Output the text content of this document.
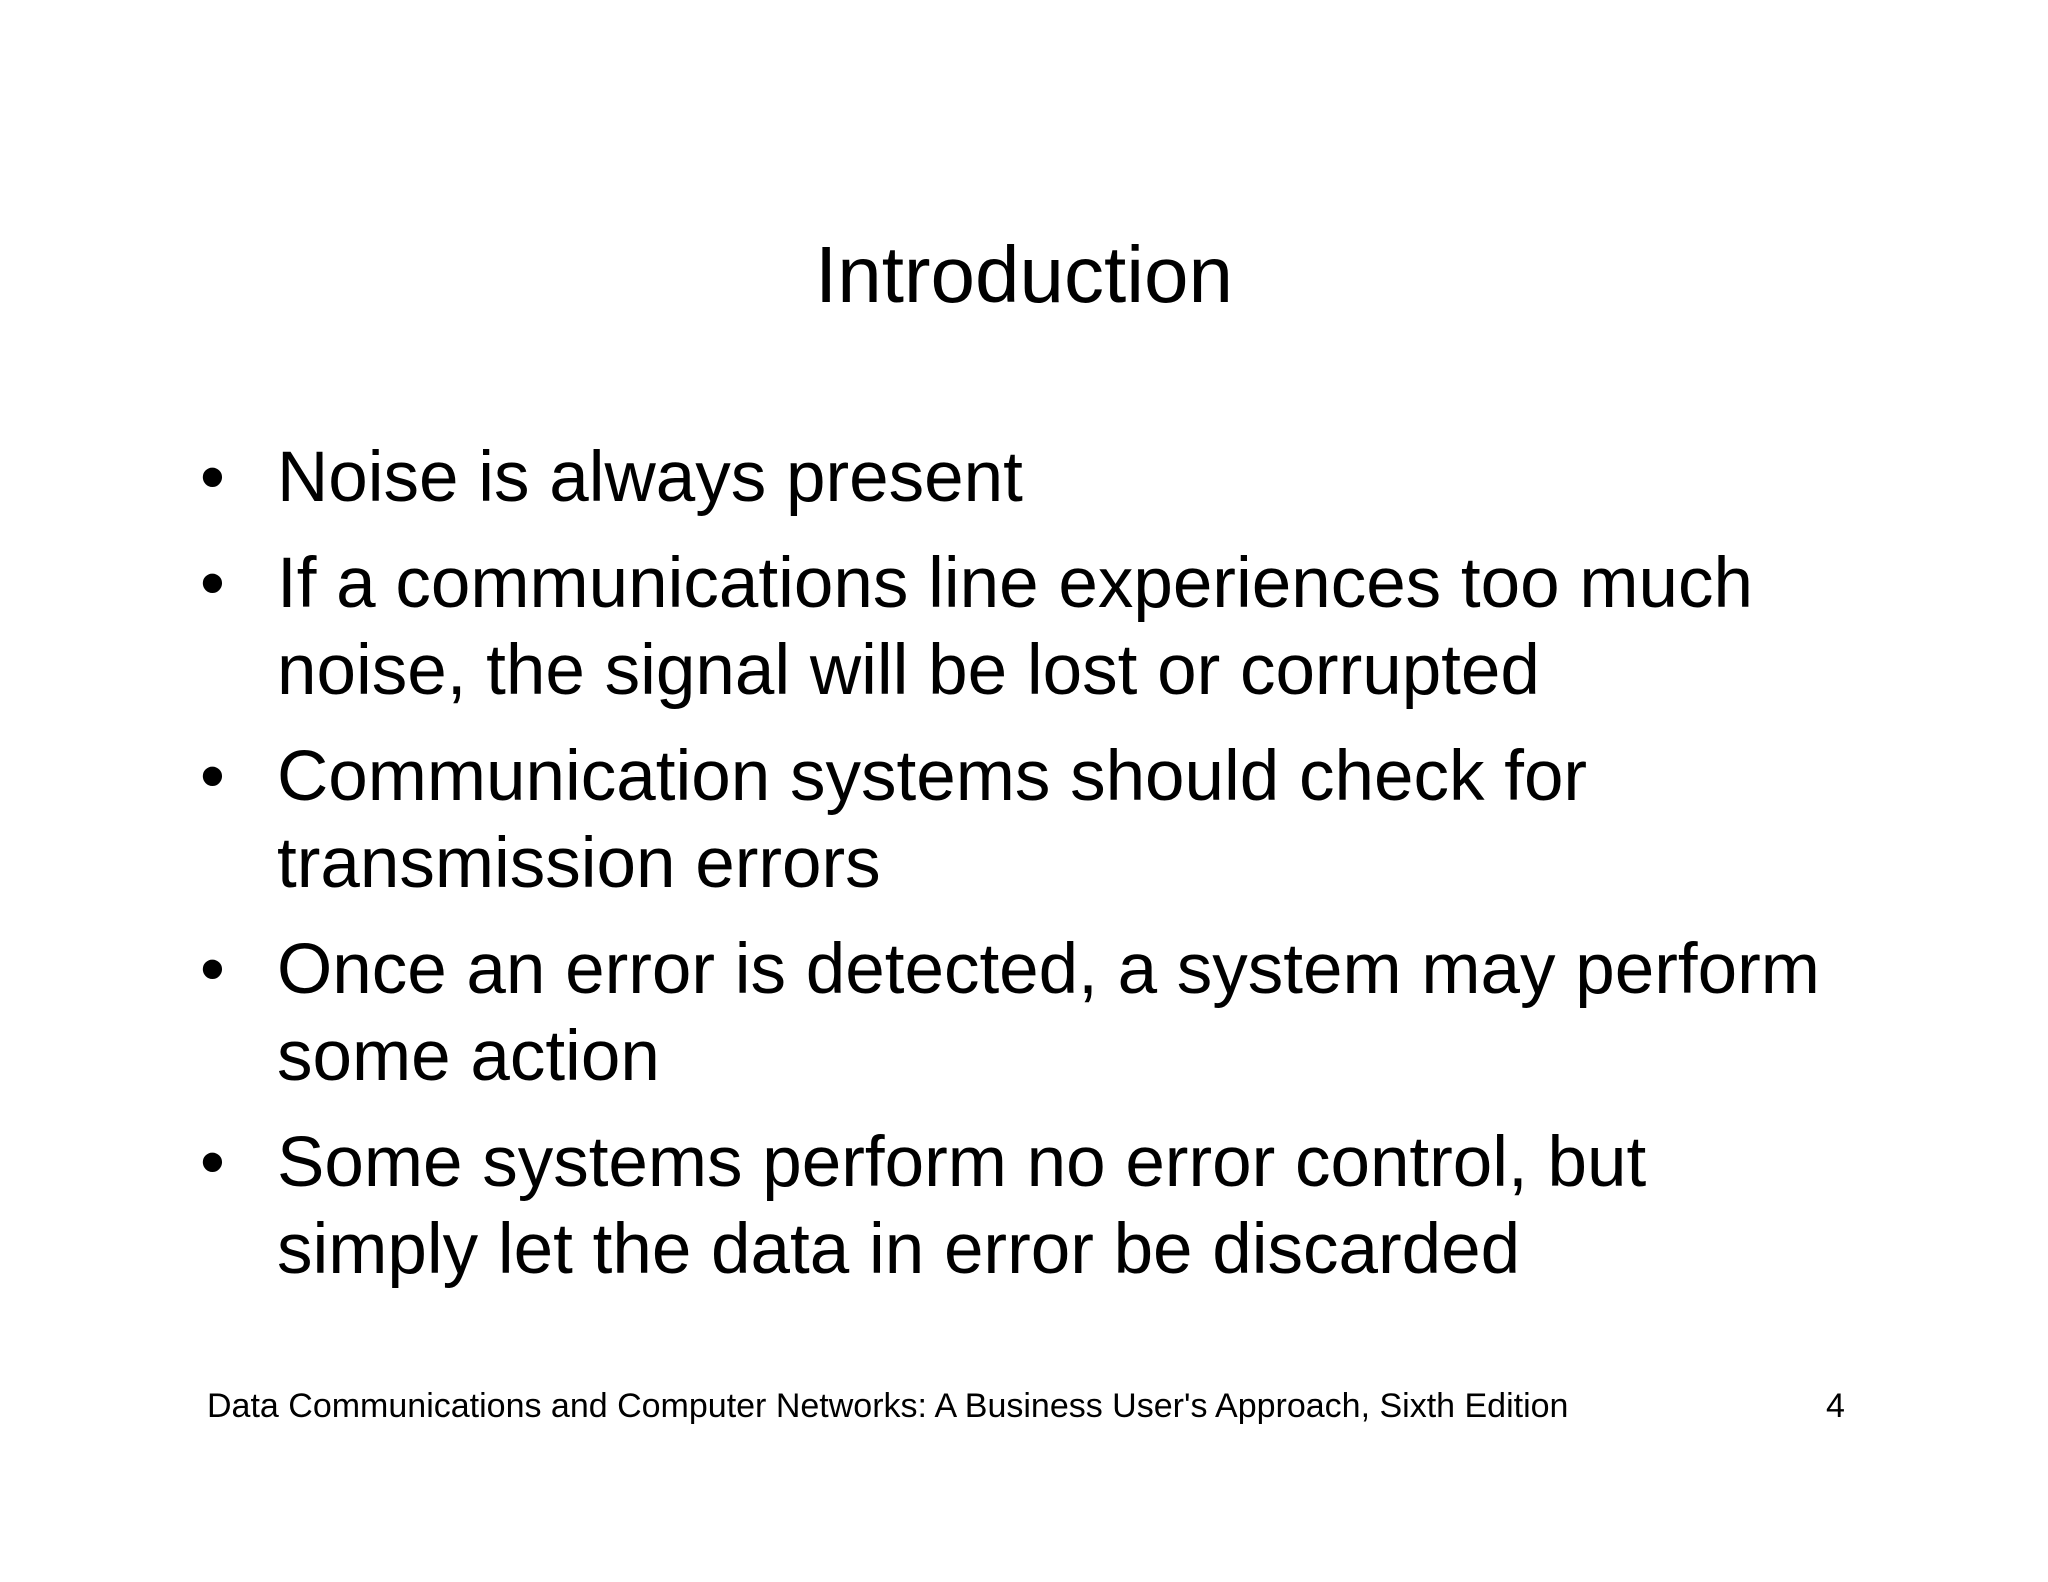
Introduction
• Noise is always present
• If a communications line experiences too much noise, the signal will be lost or corrupted
• Communication systems should check for transmission errors
• Once an error is detected, a system may perform some action
• Some systems perform no error control, but simply let the data in error be discarded
Data Communications and Computer Networks: A Business User's Approach, Sixth Edition	4
